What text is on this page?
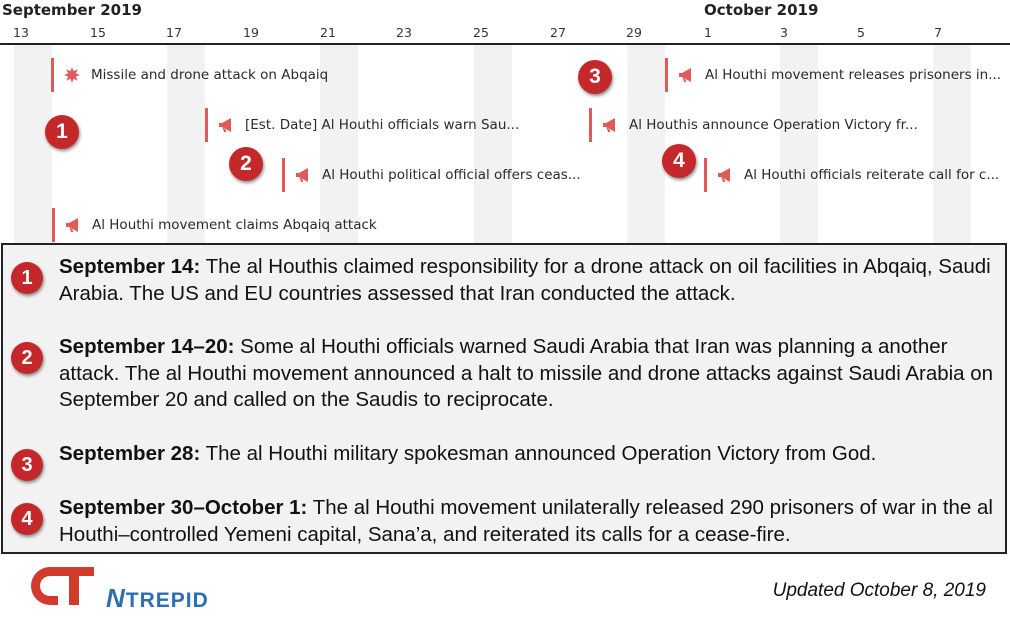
September 2019	October 2019
13	15	17	19	21	23	25	27	29	1	3	5	7
Missile and drone attack on Abqaiq
[Est. Date] Al Houthi officials warn Sau...
Al Houthi political official offers ceas...
Al Houthi movement claims Abqaiq attack
Al Houthi movement releases prisoners in...
Al Houthis announce Operation Victory fr...
Al Houthi officials reiterate call for c...
1
2
3
4
1	September 14: The al Houthis claimed responsibility for a drone attack on oil facilities in Abqaiq, Saudi Arabia. The US and EU countries assessed that Iran conducted the attack.
2	September 14–20: Some al Houthi officials warned Saudi Arabia that Iran was planning a another attack. The al Houthi movement announced a halt to missile and drone attacks against Saudi Arabia on September 20 and called on the Saudis to reciprocate.
3	September 28: The al Houthi military spokesman announced Operation Victory from God.
4	September 30–October 1: The al Houthi movement unilaterally released 290 prisoners of war in the al Houthi–controlled Yemeni capital, Sana’a, and reiterated its calls for a cease-fire.
NTREPID	Updated October 8, 2019
